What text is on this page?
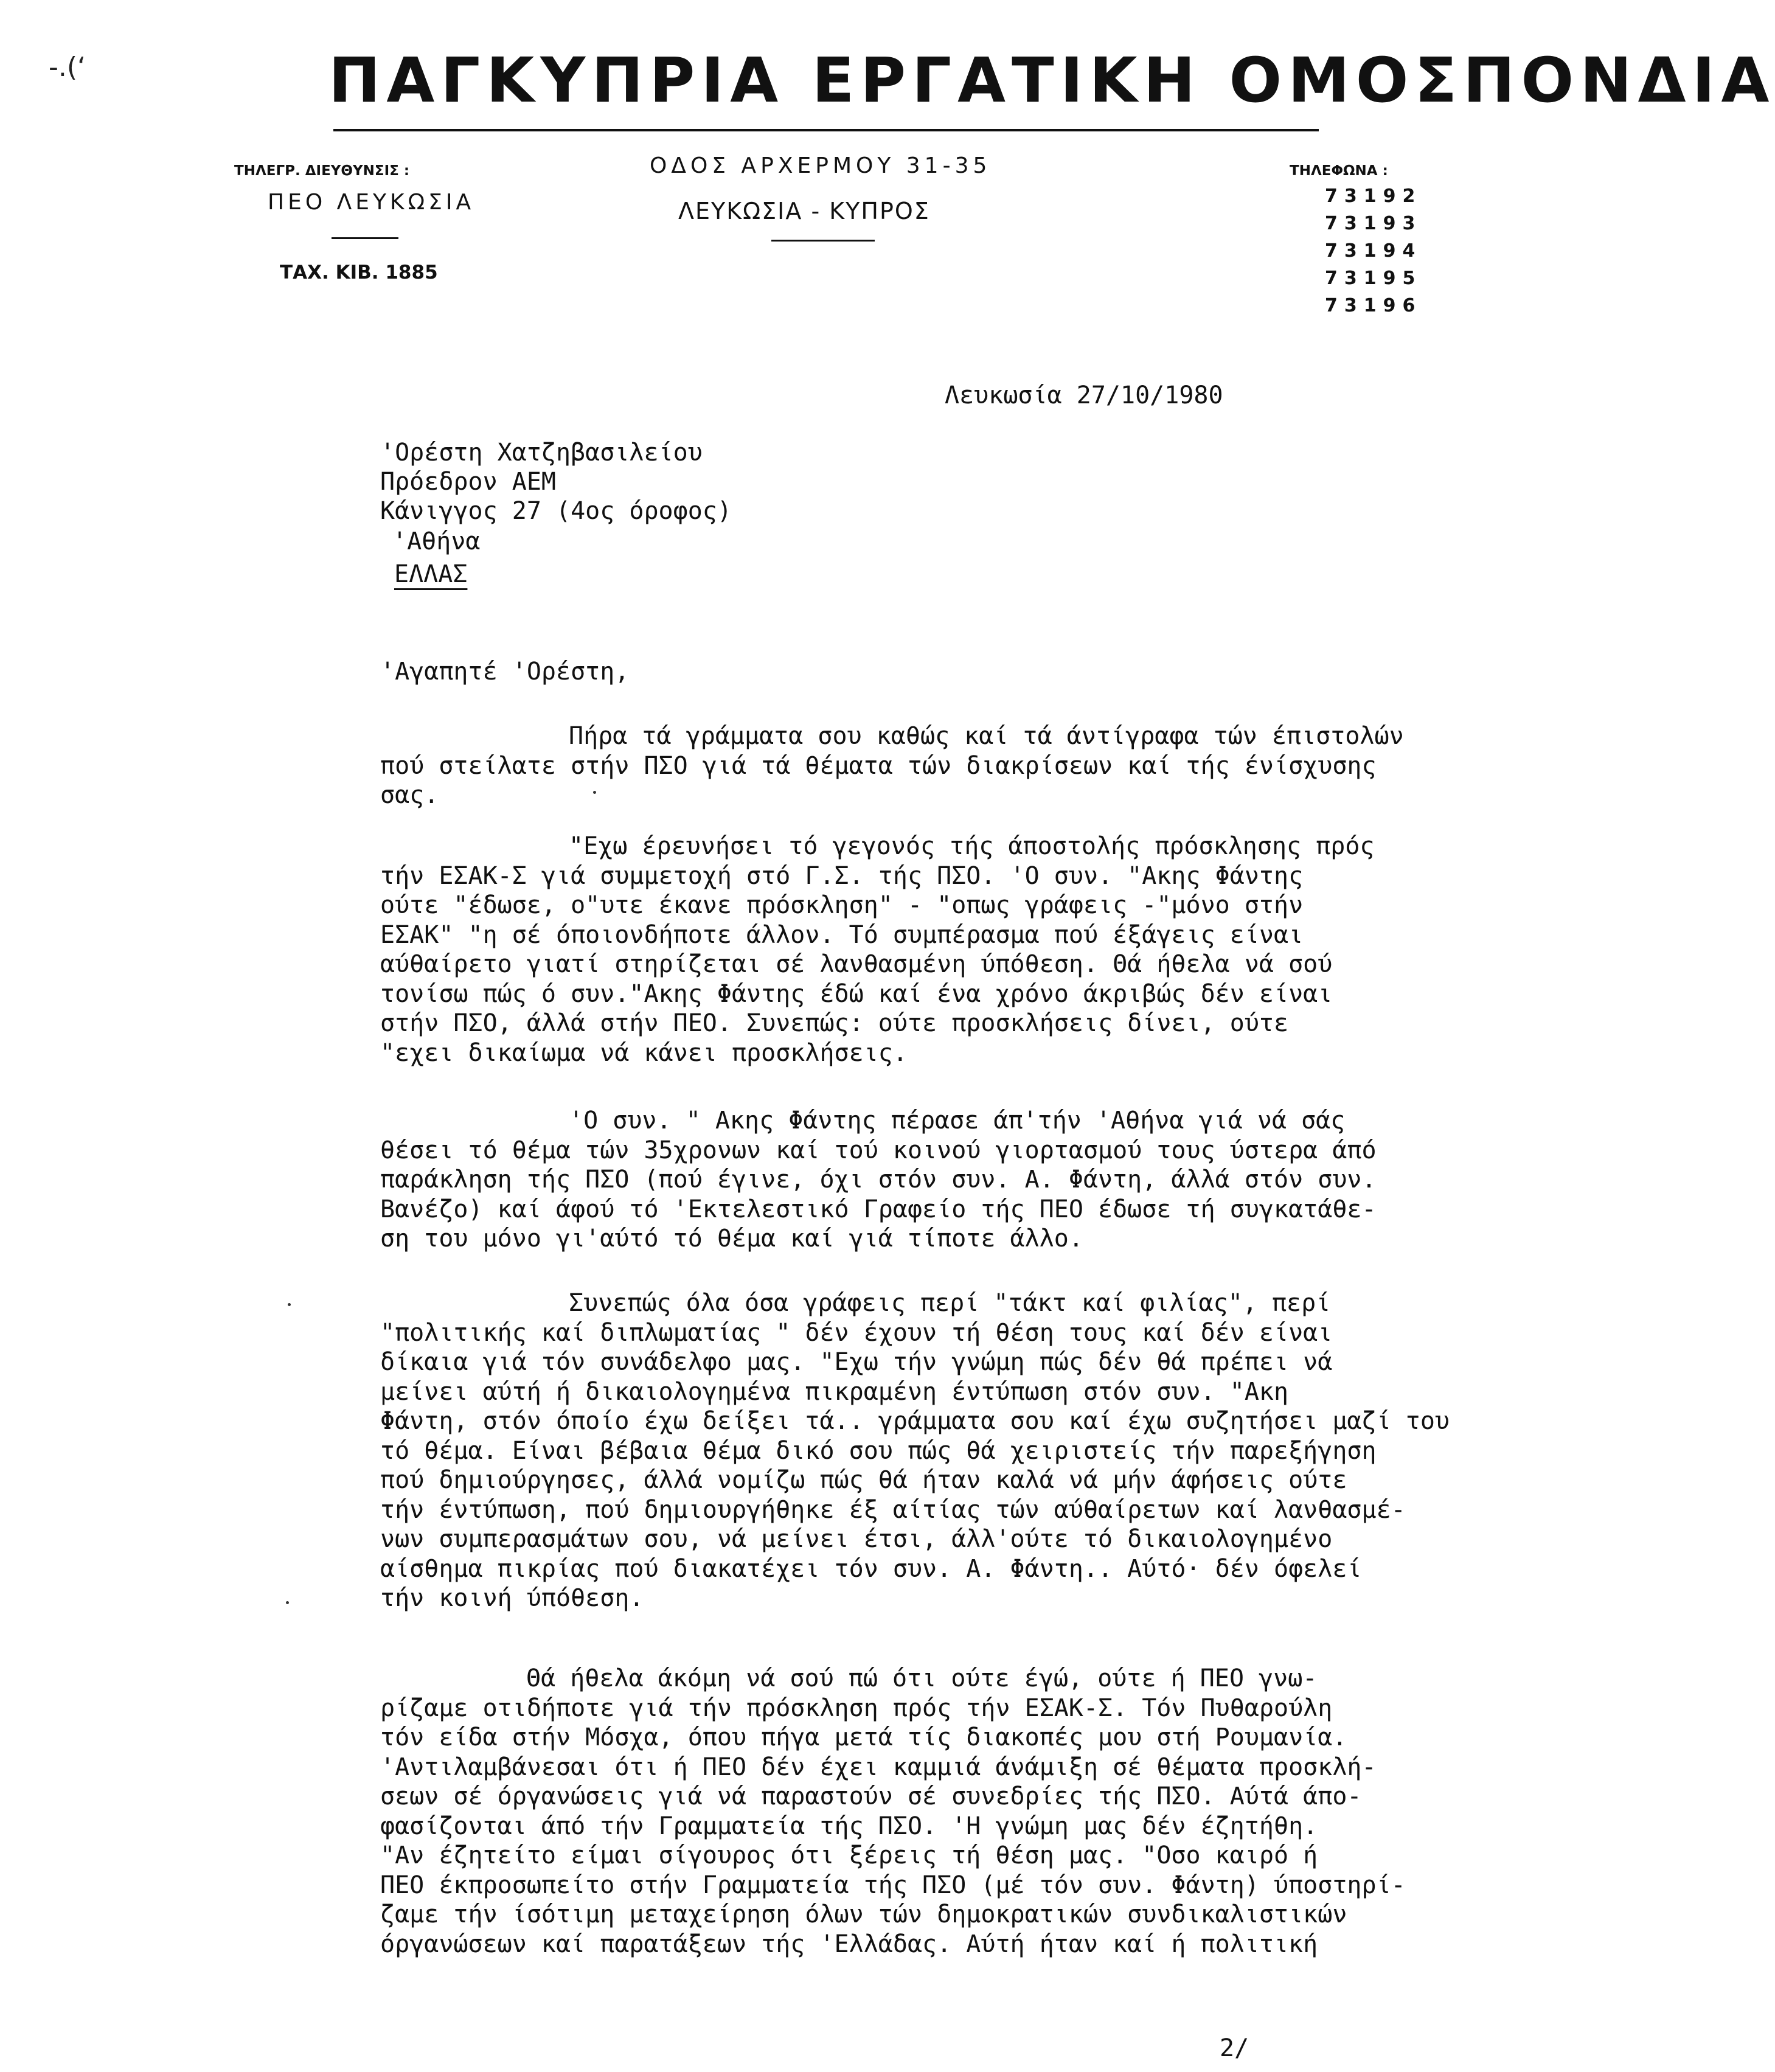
-.(‘	ΠΑΓΚΥΠΡΙΑ ΕΡΓΑΤΙΚΗ ΟΜΟΣΠΟΝΔΙΑ
ΤΗΛΕΓΡ. ΔΙΕΥΘΥΝΣΙΣ :
ΠΕΟ ΛΕΥΚΩΣΙΑ
ΤΑΧ. ΚΙΒ. 1885
ΟΔΟΣ ΑΡΧΕΡΜΟΥ 31-35
ΛΕΥΚΩΣΙΑ - ΚΥΠΡΟΣ
ΤΗΛΕΦΩΝΑ :
73192
73193
73194
73195
73196
Λευκωσία 27/10/1980
'Ορέστη Χατζηβασιλείου
Πρόεδρον ΑΕΜ
Κάνιγγος 27 (4ος όροφος)
'Αθήνα
ΕΛΛΑΣ
'Αγαπητέ 'Ορέστη,
Πήρα τά γράμματα σου καθώς καί τά άντίγραφα τών έπιστολών
πού στείλατε στήν ΠΣΟ γιά τά θέματα τών διακρίσεων καί τής ένίσχυσης
σας.
"Εχω έρευνήσει τό γεγονός τής άποστολής πρόσκλησης πρός
τήν ΕΣΑΚ-Σ γιά συμμετοχή στό Γ.Σ. τής ΠΣΟ. 'Ο συν. "Ακης Φάντης
ούτε "έδωσε, ο"υτε έκανε πρόσκληση" - "οπως γράφεις -"μόνο στήν
ΕΣΑΚ" "η σέ όποιονδήποτε άλλον. Τό συμπέρασμα πού έξάγεις είναι
αύθαίρετο γιατί στηρίζεται σέ λανθασμένη ύπόθεση. Θά ήθελα νά σού
τονίσω πώς ό συν."Ακης Φάντης έδώ καί ένα χρόνο άκριβώς δέν είναι
στήν ΠΣΟ, άλλά στήν ΠΕΟ. Συνεπώς: ούτε προσκλήσεις δίνει, ούτε
"εχει δικαίωμα νά κάνει προσκλήσεις.
'Ο συν. " Ακης Φάντης πέρασε άπ'τήν 'Αθήνα γιά νά σάς
θέσει τό θέμα τών 35χρονων καί τού κοινού γιορτασμού τους ύστερα άπό
παράκληση τής ΠΣΟ (πού έγινε, όχι στόν συν. Α. Φάντη, άλλά στόν συν.
Βανέζο) καί άφού τό 'Εκτελεστικό Γραφείο τής ΠΕΟ έδωσε τή συγκατάθε-
ση του μόνο γι'αύτό τό θέμα καί γιά τίποτε άλλο.
Συνεπώς όλα όσα γράφεις περί "τάκτ καί φιλίας", περί
"πολιτικής καί διπλωματίας " δέν έχουν τή θέση τους καί δέν είναι
δίκαια γιά τόν συνάδελφο μας. "Εχω τήν γνώμη πώς δέν θά πρέπει νά
μείνει αύτή ή δικαιολογημένα πικραμένη έντύπωση στόν συν. "Ακη
Φάντη, στόν όποίο έχω δείξει τά.. γράμματα σου καί έχω συζητήσει μαζί του
τό θέμα. Είναι βέβαια θέμα δικό σου πώς θά χειριστείς τήν παρεξήγηση
πού δημιούργησες, άλλά νομίζω πώς θά ήταν καλά νά μήν άφήσεις ούτε
τήν έντύπωση, πού δημιουργήθηκε έξ αίτίας τών αύθαίρετων καί λανθασμέ-
νων συμπερασμάτων σου, νά μείνει έτσι, άλλ'ούτε τό δικαιολογημένο
αίσθημα πικρίας πού διακατέχει τόν συν. Α. Φάντη.. Αύτό· δέν όφελεί
τήν κοινή ύπόθεση.
Θά ήθελα άκόμη νά σού πώ ότι ούτε έγώ, ούτε ή ΠΕΟ γνω-
ρίζαμε οτιδήποτε γιά τήν πρόσκληση πρός τήν ΕΣΑΚ-Σ. Τόν Πυθαρούλη
τόν είδα στήν Μόσχα, όπου πήγα μετά τίς διακοπές μου στή Ρουμανία.
'Αντιλαμβάνεσαι ότι ή ΠΕΟ δέν έχει καμμιά άνάμιξη σέ θέματα προσκλή-
σεων σέ όργανώσεις γιά νά παραστούν σέ συνεδρίες τής ΠΣΟ. Αύτά άπο-
φασίζονται άπό τήν Γραμματεία τής ΠΣΟ. 'Η γνώμη μας δέν έζητήθη.
"Αν έζητείτο είμαι σίγουρος ότι ξέρεις τή θέση μας. "Οσο καιρό ή
ΠΕΟ έκπροσωπείτο στήν Γραμματεία τής ΠΣΟ (μέ τόν συν. Φάντη) ύποστηρί-
ζαμε τήν ίσότιμη μεταχείρηση όλων τών δημοκρατικών συνδικαλιστικών
όργανώσεων καί παρατάξεων τής 'Ελλάδας. Αύτή ήταν καί ή πολιτική
2/
